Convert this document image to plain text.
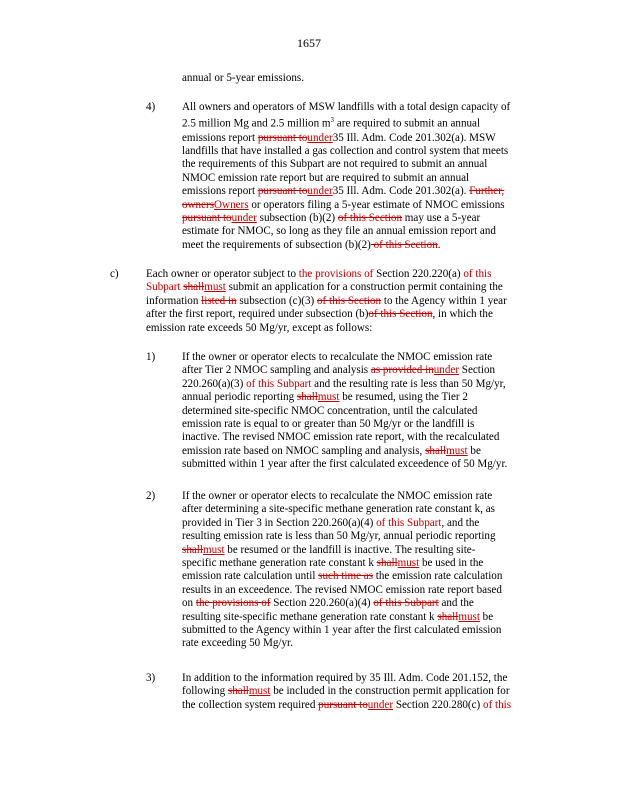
1657
annual or 5-year emissions.
4) All owners and operators of MSW landfills with a total design capacity of
2.5 million Mg and 2.5 million $m^3$ are required to submit an annual
emissions report pursuant tounder35 Ill. Adm. Code 201.302(a). MSW
landfills that have installed a gas collection and control system that meets
the requirements of this Subpart are not required to submit an annual
NMOC emission rate report but are required to submit an annual
emissions report pursuant tounder35 Ill. Adm. Code 201.302(a). Further,
ownersOwners or operators filing a 5-year estimate of NMOC emissions
pursuant tounder subsection (b)(2) of this Section may use a 5-year
estimate for NMOC, so long as they file an annual emission report and
meet the requirements of subsection (b)(2) of this Section.
c) Each owner or operator subject to the provisions of Section 220.220(a) of this
Subpart shallmust submit an application for a construction permit containing the
information listed in subsection (c)(3) of this Section to the Agency within 1 year
after the first report, required under subsection (b)of this Section, in which the
emission rate exceeds 50 Mg/yr, except as follows:
1) If the owner or operator elects to recalculate the NMOC emission rate
after Tier 2 NMOC sampling and analysis as provided inunder Section
220.260(a)(3) of this Subpart and the resulting rate is less than 50 Mg/yr,
annual periodic reporting shallmust be resumed, using the Tier 2
determined site-specific NMOC concentration, until the calculated
emission rate is equal to or greater than 50 Mg/yr or the landfill is
inactive. The revised NMOC emission rate report, with the recalculated
emission rate based on NMOC sampling and analysis, shallmust be
submitted within 1 year after the first calculated exceedence of 50 Mg/yr.
2) If the owner or operator elects to recalculate the NMOC emission rate
after determining a site-specific methane generation rate constant k, as
provided in Tier 3 in Section 220.260(a)(4) of this Subpart, and the
resulting emission rate is less than 50 Mg/yr, annual periodic reporting
shallmust be resumed or the landfill is inactive. The resulting site-
specific methane generation rate constant k shallmust be used in the
emission rate calculation until such time as the emission rate calculation
results in an exceedence. The revised NMOC emission rate report based
on the provisions of Section 220.260(a)(4) of this Subpart and the
resulting site-specific methane generation rate constant k shallmust be
submitted to the Agency within 1 year after the first calculated emission
rate exceeding 50 Mg/yr.
3) In addition to the information required by 35 Ill. Adm. Code 201.152, the
following shallmust be included in the construction permit application for
the collection system required pursuant tounder Section 220.280(c) of this
